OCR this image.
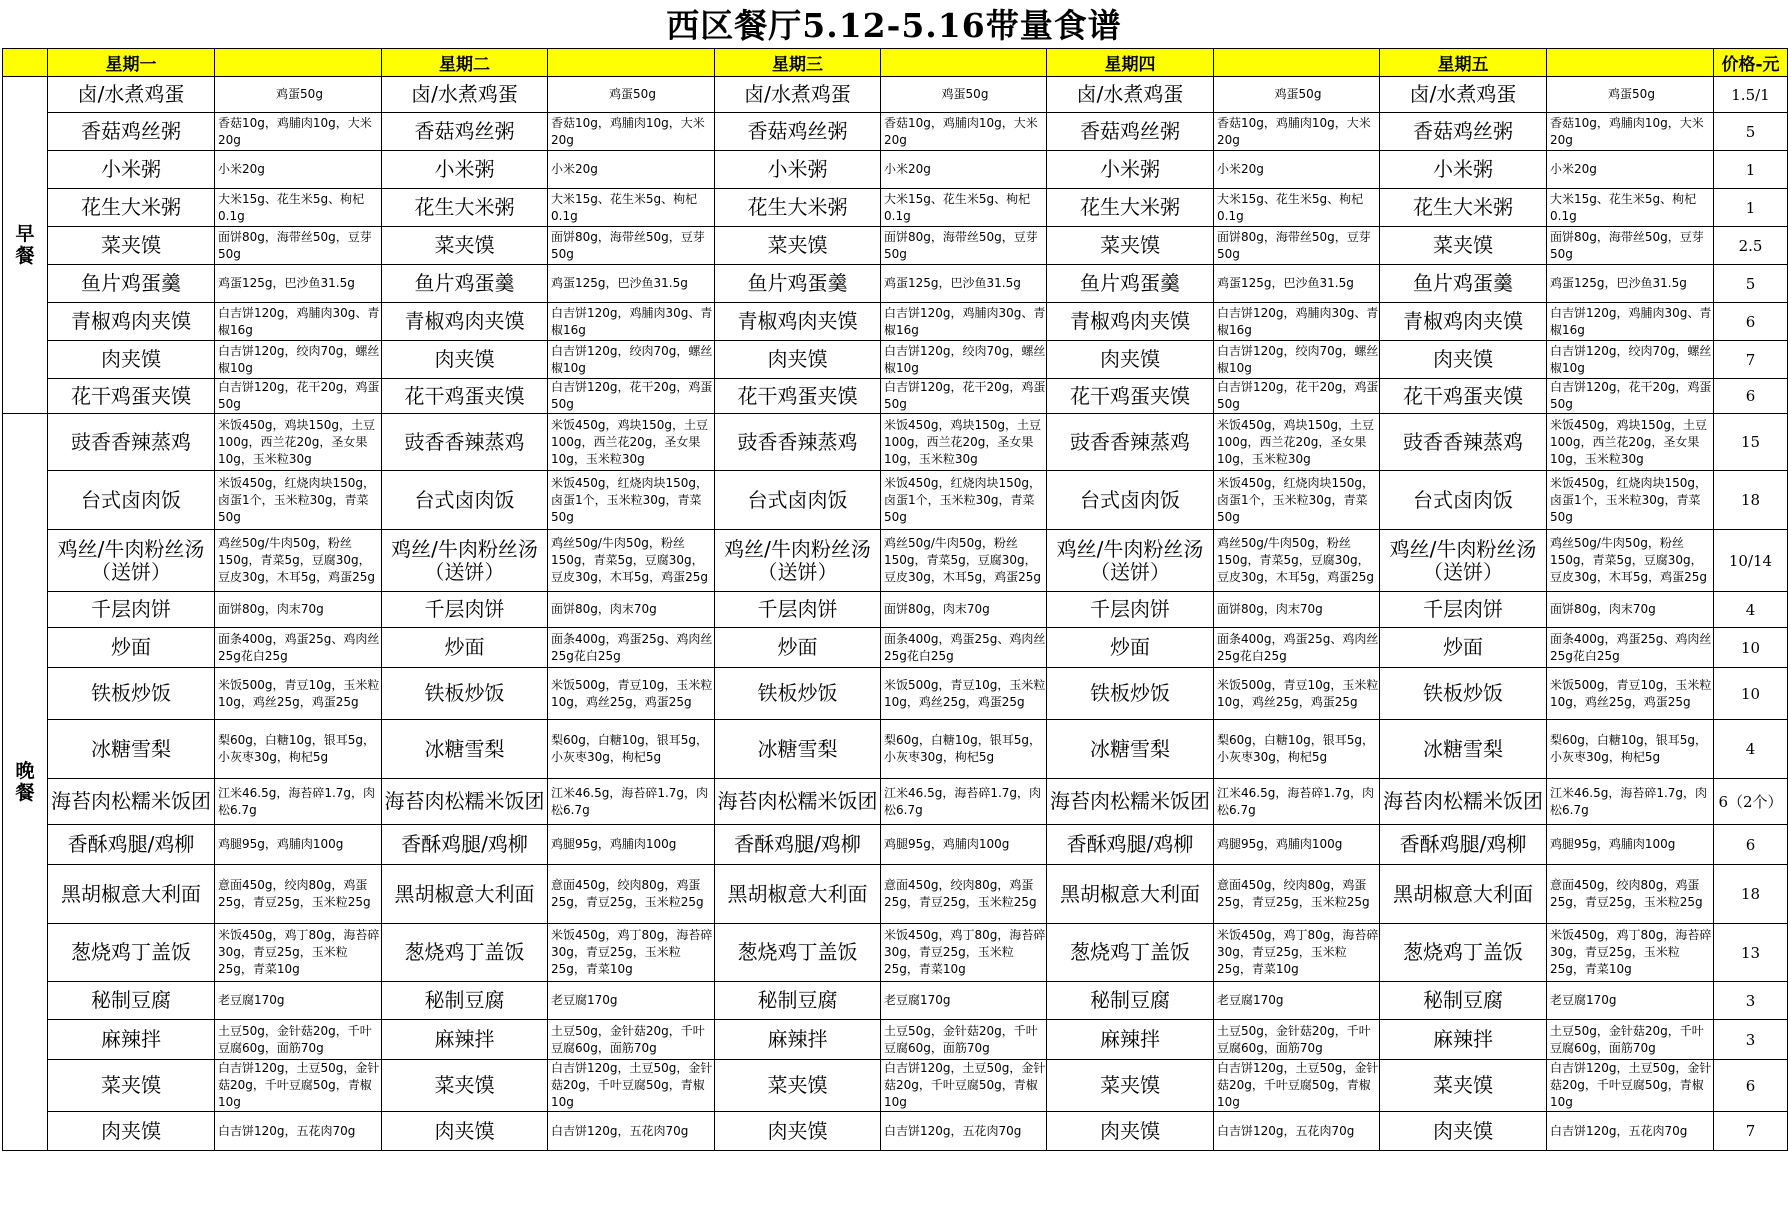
西区餐厅5.12-5.16带量食谱
	星期一		星期二		星期三		星期四		星期五		价格-元
早
餐	卤/水煮鸡蛋	鸡蛋50g	卤/水煮鸡蛋	鸡蛋50g	卤/水煮鸡蛋	鸡蛋50g	卤/水煮鸡蛋	鸡蛋50g	卤/水煮鸡蛋	鸡蛋50g	1.5/1
	香菇鸡丝粥	香菇10g，鸡脯肉10g，大米20g	香菇鸡丝粥	香菇10g，鸡脯肉10g，大米20g	香菇鸡丝粥	香菇10g，鸡脯肉10g，大米20g	香菇鸡丝粥	香菇10g，鸡脯肉10g，大米20g	香菇鸡丝粥	香菇10g，鸡脯肉10g，大米20g	5
	小米粥	小米20g	小米粥	小米20g	小米粥	小米20g	小米粥	小米20g	小米粥	小米20g	1
	花生大米粥	大米15g、花生米5g、枸杞0.1g	花生大米粥	大米15g、花生米5g、枸杞0.1g	花生大米粥	大米15g、花生米5g、枸杞0.1g	花生大米粥	大米15g、花生米5g、枸杞0.1g	花生大米粥	大米15g、花生米5g、枸杞0.1g	1
	菜夹馍	面饼80g，海带丝50g，豆芽50g	菜夹馍	面饼80g，海带丝50g，豆芽50g	菜夹馍	面饼80g，海带丝50g，豆芽50g	菜夹馍	面饼80g，海带丝50g，豆芽50g	菜夹馍	面饼80g，海带丝50g，豆芽50g	2.5
	鱼片鸡蛋羹	鸡蛋125g，巴沙鱼31.5g	鱼片鸡蛋羹	鸡蛋125g，巴沙鱼31.5g	鱼片鸡蛋羹	鸡蛋125g，巴沙鱼31.5g	鱼片鸡蛋羹	鸡蛋125g，巴沙鱼31.5g	鱼片鸡蛋羹	鸡蛋125g，巴沙鱼31.5g	5
	青椒鸡肉夹馍	白吉饼120g，鸡脯肉30g、青椒16g	青椒鸡肉夹馍	白吉饼120g，鸡脯肉30g、青椒16g	青椒鸡肉夹馍	白吉饼120g，鸡脯肉30g、青椒16g	青椒鸡肉夹馍	白吉饼120g，鸡脯肉30g、青椒16g	青椒鸡肉夹馍	白吉饼120g，鸡脯肉30g、青椒16g	6
	肉夹馍	白吉饼120g，绞肉70g，螺丝椒10g	肉夹馍	白吉饼120g，绞肉70g，螺丝椒10g	肉夹馍	白吉饼120g，绞肉70g，螺丝椒10g	肉夹馍	白吉饼120g，绞肉70g，螺丝椒10g	肉夹馍	白吉饼120g，绞肉70g，螺丝椒10g	7
	花干鸡蛋夹馍	白吉饼120g，花干20g，鸡蛋50g	花干鸡蛋夹馍	白吉饼120g，花干20g，鸡蛋50g	花干鸡蛋夹馍	白吉饼120g，花干20g，鸡蛋50g	花干鸡蛋夹馍	白吉饼120g，花干20g，鸡蛋50g	花干鸡蛋夹馍	白吉饼120g，花干20g，鸡蛋50g	6
晚
餐	豉香香辣蒸鸡	米饭450g，鸡块150g，土豆100g，西兰花20g，圣女果10g，玉米粒30g	豉香香辣蒸鸡	米饭450g，鸡块150g，土豆100g，西兰花20g，圣女果10g，玉米粒30g	豉香香辣蒸鸡	米饭450g，鸡块150g，土豆100g，西兰花20g，圣女果10g，玉米粒30g	豉香香辣蒸鸡	米饭450g，鸡块150g，土豆100g，西兰花20g，圣女果10g，玉米粒30g	豉香香辣蒸鸡	米饭450g，鸡块150g，土豆100g，西兰花20g，圣女果10g，玉米粒30g	15
	台式卤肉饭	米饭450g，红烧肉块150g，卤蛋1个，玉米粒30g，青菜50g	台式卤肉饭	米饭450g，红烧肉块150g，卤蛋1个，玉米粒30g，青菜50g	台式卤肉饭	米饭450g，红烧肉块150g，卤蛋1个，玉米粒30g，青菜50g	台式卤肉饭	米饭450g，红烧肉块150g，卤蛋1个，玉米粒30g，青菜50g	台式卤肉饭	米饭450g，红烧肉块150g，卤蛋1个，玉米粒30g，青菜50g	18
	鸡丝/牛肉粉丝汤（送饼）	鸡丝50g/牛肉50g，粉丝150g，青菜5g，豆腐30g，豆皮30g，木耳5g，鸡蛋25g	鸡丝/牛肉粉丝汤（送饼）	鸡丝50g/牛肉50g，粉丝150g，青菜5g，豆腐30g，豆皮30g，木耳5g，鸡蛋25g	鸡丝/牛肉粉丝汤（送饼）	鸡丝50g/牛肉50g，粉丝150g，青菜5g，豆腐30g，豆皮30g，木耳5g，鸡蛋25g	鸡丝/牛肉粉丝汤（送饼）	鸡丝50g/牛肉50g，粉丝150g，青菜5g，豆腐30g，豆皮30g，木耳5g，鸡蛋25g	鸡丝/牛肉粉丝汤（送饼）	鸡丝50g/牛肉50g，粉丝150g，青菜5g，豆腐30g，豆皮30g，木耳5g，鸡蛋25g	10/14
	千层肉饼	面饼80g，肉末70g	千层肉饼	面饼80g，肉末70g	千层肉饼	面饼80g，肉末70g	千层肉饼	面饼80g，肉末70g	千层肉饼	面饼80g，肉末70g	4
	炒面	面条400g，鸡蛋25g、鸡肉丝25g花白25g	炒面	面条400g，鸡蛋25g、鸡肉丝25g花白25g	炒面	面条400g，鸡蛋25g、鸡肉丝25g花白25g	炒面	面条400g，鸡蛋25g、鸡肉丝25g花白25g	炒面	面条400g，鸡蛋25g、鸡肉丝25g花白25g	10
	铁板炒饭	米饭500g，青豆10g，玉米粒10g，鸡丝25g，鸡蛋25g	铁板炒饭	米饭500g，青豆10g，玉米粒10g，鸡丝25g，鸡蛋25g	铁板炒饭	米饭500g，青豆10g，玉米粒10g，鸡丝25g，鸡蛋25g	铁板炒饭	米饭500g，青豆10g，玉米粒10g，鸡丝25g，鸡蛋25g	铁板炒饭	米饭500g，青豆10g，玉米粒10g，鸡丝25g，鸡蛋25g	10
	冰糖雪梨	梨60g，白糖10g，银耳5g，小灰枣30g，枸杞5g	冰糖雪梨	梨60g，白糖10g，银耳5g，小灰枣30g，枸杞5g	冰糖雪梨	梨60g，白糖10g，银耳5g，小灰枣30g，枸杞5g	冰糖雪梨	梨60g，白糖10g，银耳5g，小灰枣30g，枸杞5g	冰糖雪梨	梨60g，白糖10g，银耳5g，小灰枣30g，枸杞5g	4
	海苔肉松糯米饭团	江米46.5g，海苔碎1.7g，肉松6.7g	海苔肉松糯米饭团	江米46.5g，海苔碎1.7g，肉松6.7g	海苔肉松糯米饭团	江米46.5g，海苔碎1.7g，肉松6.7g	海苔肉松糯米饭团	江米46.5g，海苔碎1.7g，肉松6.7g	海苔肉松糯米饭团	江米46.5g，海苔碎1.7g，肉松6.7g	6（2个）
	香酥鸡腿/鸡柳	鸡腿95g，鸡脯肉100g	香酥鸡腿/鸡柳	鸡腿95g，鸡脯肉100g	香酥鸡腿/鸡柳	鸡腿95g，鸡脯肉100g	香酥鸡腿/鸡柳	鸡腿95g，鸡脯肉100g	香酥鸡腿/鸡柳	鸡腿95g，鸡脯肉100g	6
	黑胡椒意大利面	意面450g，绞肉80g，鸡蛋25g，青豆25g，玉米粒25g	黑胡椒意大利面	意面450g，绞肉80g，鸡蛋25g，青豆25g，玉米粒25g	黑胡椒意大利面	意面450g，绞肉80g，鸡蛋25g，青豆25g，玉米粒25g	黑胡椒意大利面	意面450g，绞肉80g，鸡蛋25g，青豆25g，玉米粒25g	黑胡椒意大利面	意面450g，绞肉80g，鸡蛋25g，青豆25g，玉米粒25g	18
	葱烧鸡丁盖饭	米饭450g，鸡丁80g，海苔碎30g，青豆25g，玉米粒25g，青菜10g	葱烧鸡丁盖饭	米饭450g，鸡丁80g，海苔碎30g，青豆25g，玉米粒25g，青菜10g	葱烧鸡丁盖饭	米饭450g，鸡丁80g，海苔碎30g，青豆25g，玉米粒25g，青菜10g	葱烧鸡丁盖饭	米饭450g，鸡丁80g，海苔碎30g，青豆25g，玉米粒25g，青菜10g	葱烧鸡丁盖饭	米饭450g，鸡丁80g，海苔碎30g，青豆25g，玉米粒25g，青菜10g	13
	秘制豆腐	老豆腐170g	秘制豆腐	老豆腐170g	秘制豆腐	老豆腐170g	秘制豆腐	老豆腐170g	秘制豆腐	老豆腐170g	3
	麻辣拌	土豆50g，金针菇20g，千叶豆腐60g，面筋70g	麻辣拌	土豆50g，金针菇20g，千叶豆腐60g，面筋70g	麻辣拌	土豆50g，金针菇20g，千叶豆腐60g，面筋70g	麻辣拌	土豆50g，金针菇20g，千叶豆腐60g，面筋70g	麻辣拌	土豆50g，金针菇20g，千叶豆腐60g，面筋70g	3
	菜夹馍	白吉饼120g，土豆50g，金针菇20g，千叶豆腐50g，青椒10g	菜夹馍	白吉饼120g，土豆50g，金针菇20g，千叶豆腐50g，青椒10g	菜夹馍	白吉饼120g，土豆50g，金针菇20g，千叶豆腐50g，青椒10g	菜夹馍	白吉饼120g，土豆50g，金针菇20g，千叶豆腐50g，青椒10g	菜夹馍	白吉饼120g，土豆50g，金针菇20g，千叶豆腐50g，青椒10g	6
	肉夹馍	白吉饼120g，五花肉70g	肉夹馍	白吉饼120g，五花肉70g	肉夹馍	白吉饼120g，五花肉70g	肉夹馍	白吉饼120g，五花肉70g	肉夹馍	白吉饼120g，五花肉70g	7
